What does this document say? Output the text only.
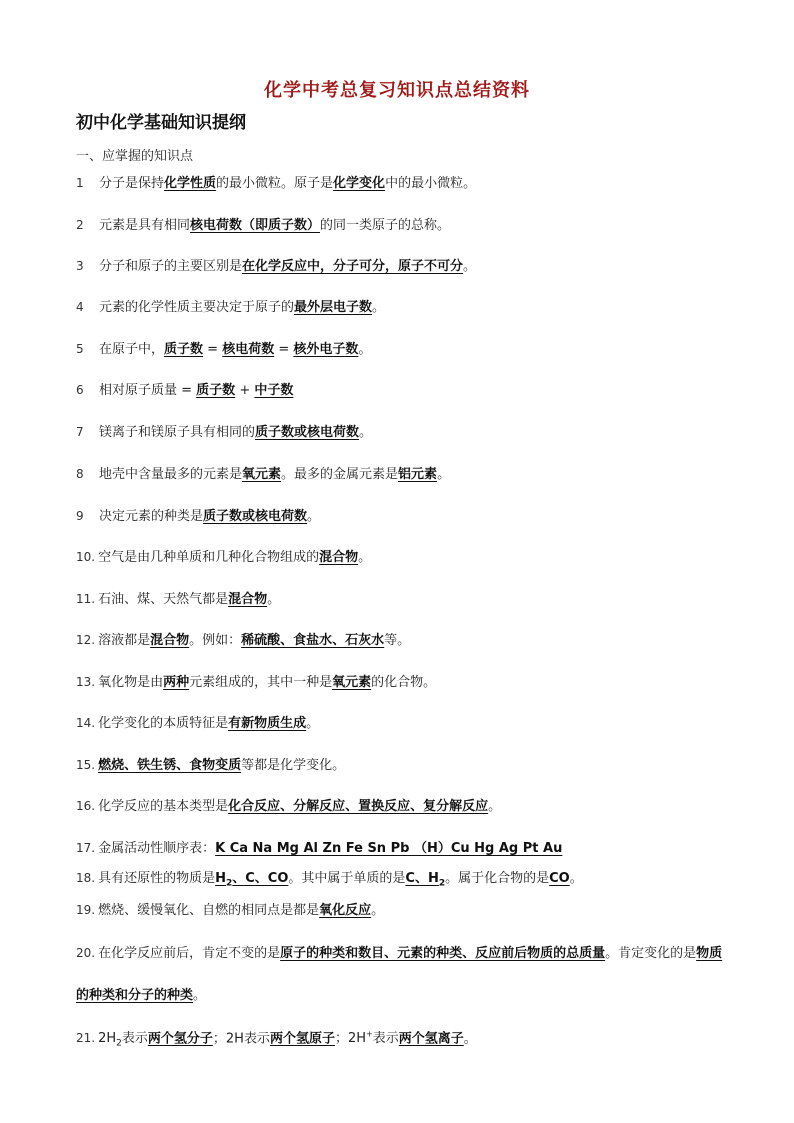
化学中考总复习知识点总结资料
初中化学基础知识提纲
一、应掌握的知识点
1 分子是保持化学性质的最小微粒。原子是化学变化中的最小微粒。
2 元素是具有相同核电荷数（即质子数）的同一类原子的总称。
3 分子和原子的主要区别是在化学反应中，分子可分，原子不可分。
4 元素的化学性质主要决定于原子的最外层电子数。
5 在原子中，质子数 = 核电荷数 = 核外电子数。
6 相对原子质量 = 质子数 + 中子数
7 镁离子和镁原子具有相同的质子数或核电荷数。
8 地壳中含量最多的元素是氧元素。最多的金属元素是铝元素。
9 决定元素的种类是质子数或核电荷数。
10. 空气是由几种单质和几种化合物组成的混合物。
11. 石油、煤、天然气都是混合物。
12. 溶液都是混合物。例如：稀硫酸、食盐水、石灰水等。
13. 氧化物是由两种元素组成的，其中一种是氧元素的化合物。
14. 化学变化的本质特征是有新物质生成。
15. 燃烧、铁生锈、食物变质等都是化学变化。
16. 化学反应的基本类型是化合反应、分解反应、置换反应、复分解反应。
17. 金属活动性顺序表：K Ca Na Mg Al Zn Fe Sn Pb （H）Cu Hg Ag Pt Au
18. 具有还原性的物质是$H_2$、C、CO。其中属于单质的是C、$H_2$。属于化合物的是CO。
19. 燃烧、缓慢氧化、自燃的相同点是都是氧化反应。
20. 在化学反应前后，肯定不变的是原子的种类和数目、元素的种类、反应前后物质的总质量。肯定变化的是物质的种类和分子的种类。
21. $2H_2$表示两个氢分子；2H表示两个氢原子；2H+表示两个氢离子。
